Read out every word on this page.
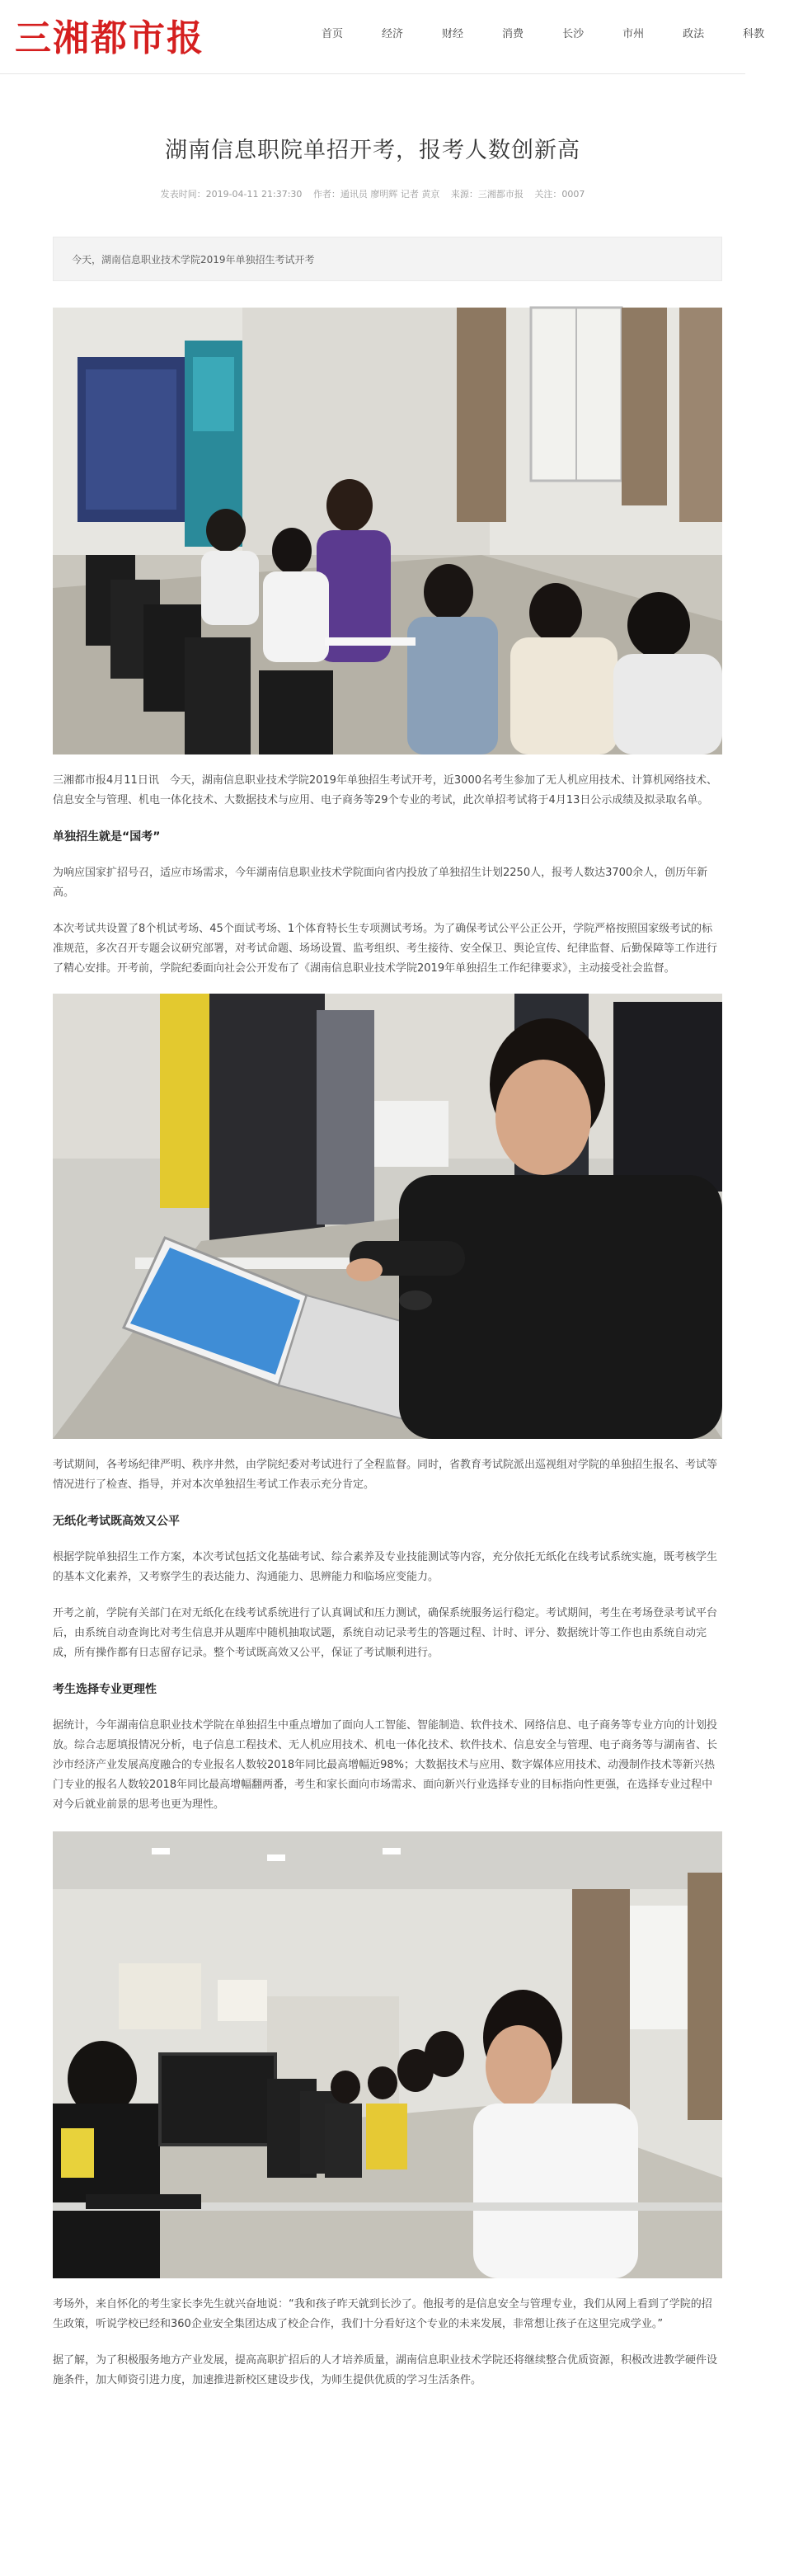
三湘都市报	首页	经济	财经	消费	长沙	市州	政法	科教
湖南信息职院单招开考，报考人数创新高
发表时间：2019-04-11 21:37:30 作者：通讯员 廖明辉 记者 黄京 来源：三湘都市报 关注：0007
今天，湖南信息职业技术学院2019年单独招生考试开考

三湘都市报4月11日讯　今天，湖南信息职业技术学院2019年单独招生考试开考，近3000名考生参加了无人机应用技术、计算机网络技术、信息安全与管理、机电一体化技术、大数据技术与应用、电子商务等29个专业的考试，此次单招考试将于4月13日公示成绩及拟录取名单。

单独招生就是“国考”

为响应国家扩招号召，适应市场需求，今年湖南信息职业技术学院面向省内投放了单独招生计划2250人，报考人数达3700余人，创历年新高。

本次考试共设置了8个机试考场、45个面试考场、1个体育特长生专项测试考场。为了确保考试公平公正公开，学院严格按照国家级考试的标准规范，多次召开专题会议研究部署，对考试命题、场场设置、监考组织、考生接待、安全保卫、舆论宣传、纪律监督、后勤保障等工作进行了精心安排。开考前，学院纪委面向社会公开发布了《湖南信息职业技术学院2019年单独招生工作纪律要求》，主动接受社会监督。

考试期间，各考场纪律严明、秩序井然，由学院纪委对考试进行了全程监督。同时，省教育考试院派出巡视组对学院的单独招生报名、考试等情况进行了检查、指导，并对本次单独招生考试工作表示充分肯定。

无纸化考试既高效又公平

根据学院单独招生工作方案，本次考试包括文化基础考试、综合素养及专业技能测试等内容，充分依托无纸化在线考试系统实施，既考核学生的基本文化素养，又考察学生的表达能力、沟通能力、思辨能力和临场应变能力。

开考之前，学院有关部门在对无纸化在线考试系统进行了认真调试和压力测试，确保系统服务运行稳定。考试期间，考生在考场登录考试平台后，由系统自动查询比对考生信息并从题库中随机抽取试题，系统自动记录考生的答题过程、计时、评分、数据统计等工作也由系统自动完成，所有操作都有日志留存记录。整个考试既高效又公平，保证了考试顺利进行。

考生选择专业更理性

据统计，今年湖南信息职业技术学院在单独招生中重点增加了面向人工智能、智能制造、软件技术、网络信息、电子商务等专业方向的计划投放。综合志愿填报情况分析，电子信息工程技术、无人机应用技术、机电一体化技术、软件技术、信息安全与管理、电子商务等与湖南省、长沙市经济产业发展高度融合的专业报名人数较2018年同比最高增幅近98%；大数据技术与应用、数字媒体应用技术、动漫制作技术等新兴热门专业的报名人数较2018年同比最高增幅翻两番，考生和家长面向市场需求、面向新兴行业选择专业的目标指向性更强，在选择专业过程中对今后就业前景的思考也更为理性。

考场外，来自怀化的考生家长李先生就兴奋地说：“我和孩子昨天就到长沙了。他报考的是信息安全与管理专业，我们从网上看到了学院的招生政策，听说学校已经和360企业安全集团达成了校企合作，我们十分看好这个专业的未来发展，非常想让孩子在这里完成学业。”

据了解，为了积极服务地方产业发展，提高高职扩招后的人才培养质量，湖南信息职业技术学院还将继续整合优质资源，积极改进教学硬件设施条件，加大师资引进力度，加速推进新校区建设步伐，为师生提供优质的学习生活条件。
